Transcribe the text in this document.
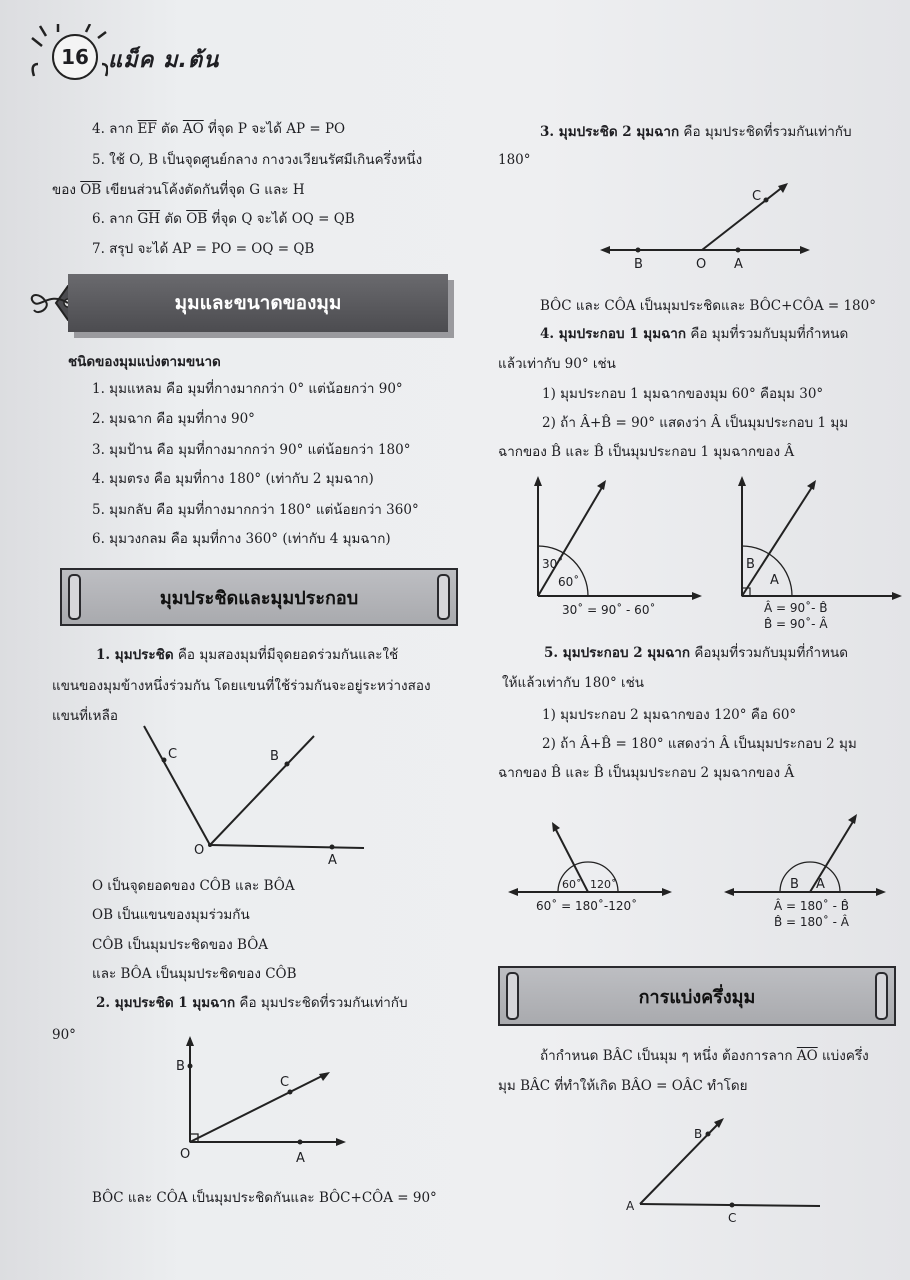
16 แม็ค ม.ต้น
4. ลาก $\overline{EF}$ ตัด $\overline{AO}$ ที่จุด P จะได้ AP = PO
5. ใช้ O, B เป็นจุดศูนย์กลาง กางวงเวียนรัศมีเกินครึ่งหนึ่ง
ของ $\overline{OB}$ เขียนส่วนโค้งตัดกันที่จุด G และ H
6. ลาก $\overline{GH}$ ตัด $\overline{OB}$ ที่จุด Q จะได้ OQ = QB
7. สรุป จะได้ AP = PO = OQ = QB
มุมและขนาดของมุม
ชนิดของมุมแบ่งตามขนาด
1. มุมแหลม คือ มุมที่กางมากกว่า 0° แต่น้อยกว่า 90°
2. มุมฉาก คือ มุมที่กาง 90°
3. มุมป้าน คือ มุมที่กางมากกว่า 90° แต่น้อยกว่า 180°
4. มุมตรง คือ มุมที่กาง 180° (เท่ากับ 2 มุมฉาก)
5. มุมกลับ คือ มุมที่กางมากกว่า 180° แต่น้อยกว่า 360°
6. มุมวงกลม คือ มุมที่กาง 360° (เท่ากับ 4 มุมฉาก)
มุมประชิดและมุมประกอบ
1. มุมประชิด คือ มุมสองมุมที่มีจุดยอดร่วมกันและใช้
แขนของมุมข้างหนึ่งร่วมกัน โดยแขนที่ใช้ร่วมกันจะอยู่ระหว่างสอง
แขนที่เหลือ
C	B
O
A
O เป็นจุดยอดของ CÔB และ BÔA
OB เป็นแขนของมุมร่วมกัน
CÔB เป็นมุมประชิดของ BÔA
และ BÔA เป็นมุมประชิดของ CÔB
2. มุมประชิด 1 มุมฉาก คือ มุมประชิดที่รวมกันเท่ากับ
90°
B
C
O	A
BÔC และ CÔA เป็นมุมประชิดกันและ BÔC+CÔA = 90°
3. มุมประชิด 2 มุมฉาก คือ มุมประชิดที่รวมกันเท่ากับ
180°
B	O A
C
BÔC และ CÔA เป็นมุมประชิดและ BÔC+CÔA = 180°
4. มุมประกอบ 1 มุมฉาก คือ มุมที่รวมกับมุมที่กำหนด
แล้วเท่ากับ 90° เช่น
1) มุมประกอบ 1 มุมฉากของมุม 60° คือมุม 30°
2) ถ้า Â+B̂ = 90° แสดงว่า Â เป็นมุมประกอบ 1 มุม
ฉากของ B̂ และ B̂ เป็นมุมประกอบ 1 มุมฉากของ Â
30˚
60˚
30˚ = 90˚ - 60˚
B
A
Â = 90˚- B̂
B̂ = 90˚- Â
5. มุมประกอบ 2 มุมฉาก คือมุมที่รวมกับมุมที่กำหนด
ให้แล้วเท่ากับ 180° เช่น
1) มุมประกอบ 2 มุมฉากของ 120° คือ 60°
2) ถ้า Â+B̂ = 180° แสดงว่า Â เป็นมุมประกอบ 2 มุม
ฉากของ B̂ และ B̂ เป็นมุมประกอบ 2 มุมฉากของ Â
60˚ 120˚
60˚ = 180˚-120˚
B A
Â = 180˚ - B̂
B̂ = 180˚ - Â
การแบ่งครึ่งมุม
ถ้ากำหนด BÂC เป็นมุม ๆ หนึ่ง ต้องการลาก $\overline{AO}$ แบ่งครึ่ง
มุม BÂC ที่ทำให้เกิด BÂO = OÂC ทำโดย
B
A
C
